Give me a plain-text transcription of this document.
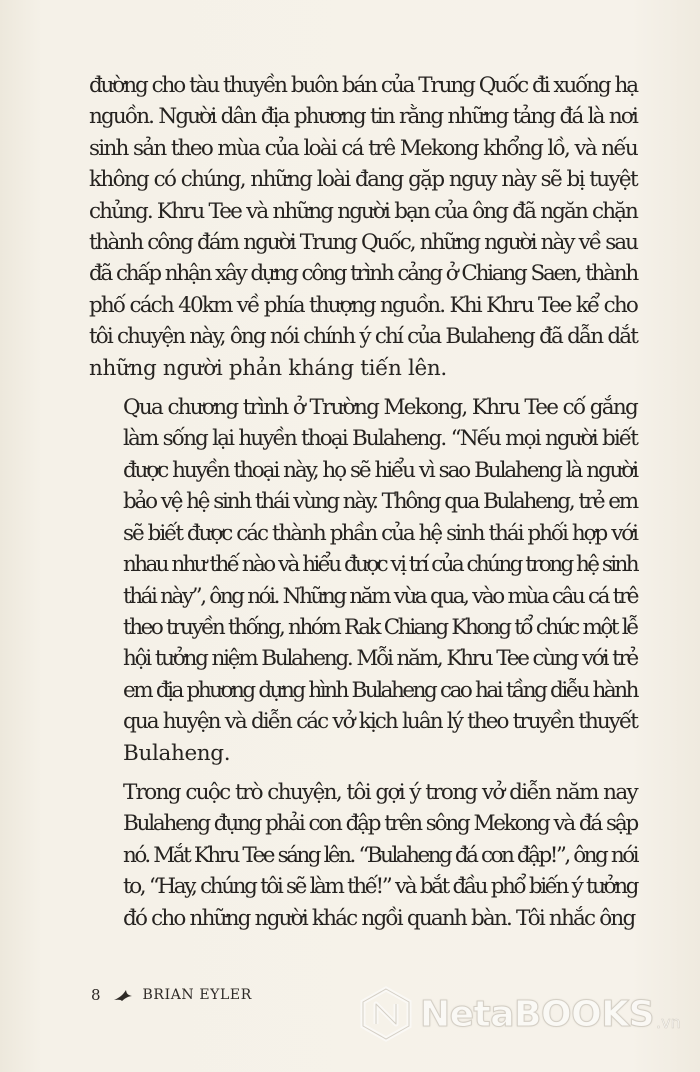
đường cho tàu thuyền buôn bán của Trung Quốc đi xuống hạ
nguồn. Người dân địa phương tin rằng những tảng đá là nơi
sinh sản theo mùa của loài cá trê Mekong khổng lồ, và nếu
không có chúng, những loài đang gặp nguy này sẽ bị tuyệt
chủng. Khru Tee và những người bạn của ông đã ngăn chặn
thành công đám người Trung Quốc, những người này về sau
đã chấp nhận xây dựng công trình cảng ở Chiang Saen, thành
phố cách 40km về phía thượng nguồn. Khi Khru Tee kể cho
tôi chuyện này, ông nói chính ý chí của Bulaheng đã dẫn dắt
những người phản kháng tiến lên.

Qua chương trình ở Trường Mekong, Khru Tee cố gắng
làm sống lại huyền thoại Bulaheng. “Nếu mọi người biết
được huyền thoại này, họ sẽ hiểu vì sao Bulaheng là người
bảo vệ hệ sinh thái vùng này. Thông qua Bulaheng, trẻ em
sẽ biết được các thành phần của hệ sinh thái phối hợp với
nhau như thế nào và hiểu được vị trí của chúng trong hệ sinh
thái này”, ông nói. Những năm vừa qua, vào mùa câu cá trê
theo truyền thống, nhóm Rak Chiang Khong tổ chức một lễ
hội tưởng niệm Bulaheng. Mỗi năm, Khru Tee cùng với trẻ
em địa phương dựng hình Bulaheng cao hai tầng diễu hành
qua huyện và diễn các vở kịch luân lý theo truyền thuyết
Bulaheng.

Trong cuộc trò chuyện, tôi gợi ý trong vở diễn năm nay
Bulaheng đụng phải con đập trên sông Mekong và đá sập
nó. Mắt Khru Tee sáng lên. “Bulaheng đá con đập!”, ông nói
to, “Hay, chúng tôi sẽ làm thế!” và bắt đầu phổ biến ý tưởng
đó cho những người khác ngồi quanh bàn. Tôi nhắc ông

8	BRIAN EYLER	NetaBOOKS .vn
